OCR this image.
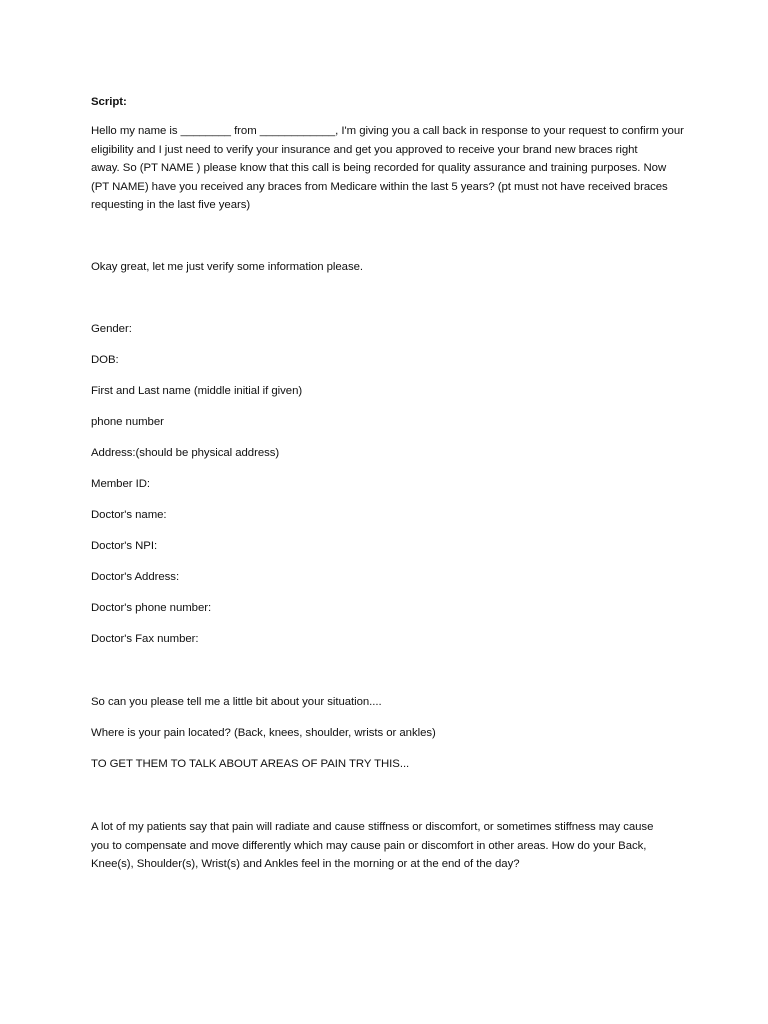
Script:
Hello my name is ________ from ____________, I'm giving you a call back in response to your request to confirm your
eligibility and I just need to verify your insurance and get you approved to receive your brand new braces right
away. So (PT NAME ) please know that this call is being recorded for quality assurance and training purposes. Now
(PT NAME) have you received any braces from Medicare within the last 5 years? (pt must not have received braces
requesting in the last five years)
Okay great, let me just verify some information please.
Gender:
DOB:
First and Last name (middle initial if given)
phone number
Address:(should be physical address)
Member ID:
Doctor's name:
Doctor's NPI:
Doctor's Address:
Doctor's phone number:
Doctor's Fax number:
So can you please tell me a little bit about your situation....
Where is your pain located? (Back, knees, shoulder, wrists or ankles)
TO GET THEM TO TALK ABOUT AREAS OF PAIN TRY THIS...
A lot of my patients say that pain will radiate and cause stiffness or discomfort, or sometimes stiffness may cause
you to compensate and move differently which may cause pain or discomfort in other areas. How do your Back,
Knee(s), Shoulder(s), Wrist(s) and Ankles feel in the morning or at the end of the day?
